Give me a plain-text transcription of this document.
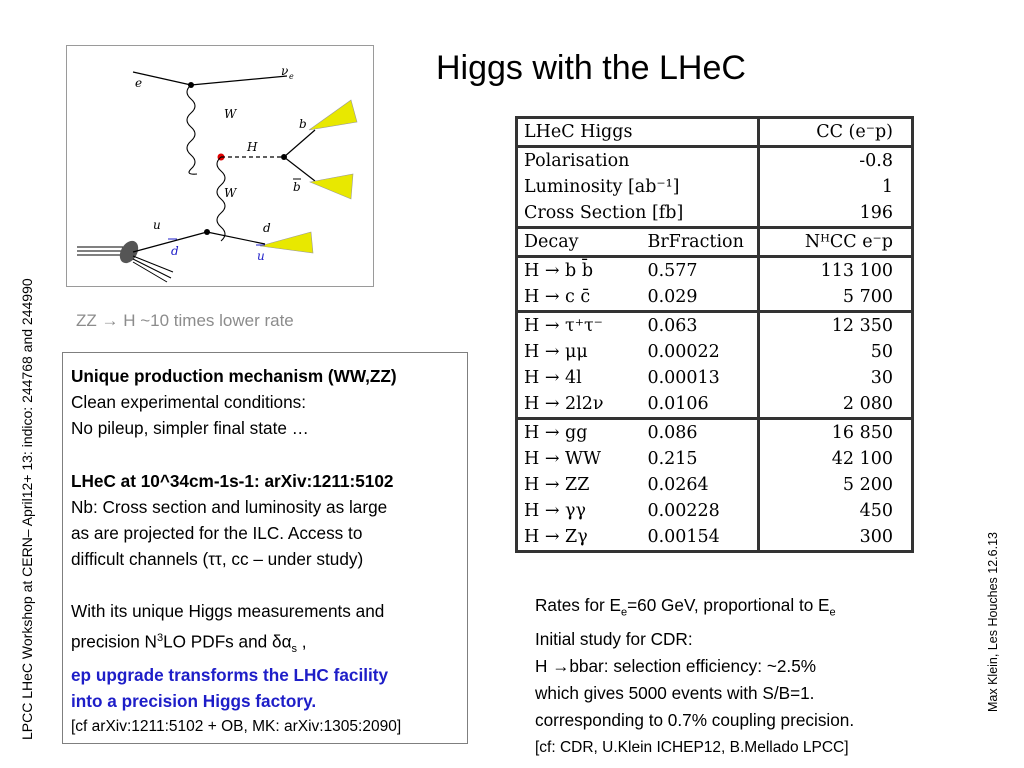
Higgs with the LHeC
LPCC LHeC Workshop at CERN– April12+ 13: indico: 244768 and 244990	Max Klein, Les Houches 12.6.13
e
ν e
W
H
b
b
W
u
d
d
u
ZZ → H ~10 times lower rate

Unique production mechanism (WW,ZZ)

Clean experimental conditions:

No pileup, simpler final state …

LHeC at 10^34cm-1s-1: arXiv:1211:5102

Nb: Cross section and luminosity as large

as are projected for the ILC. Access to

difficult channels (ττ, cc – under study)

With its unique Higgs measurements and

precision $N^3LO$ PDFs and $\delta\alpha_s$ ,

ep upgrade transforms the LHC facility

into a precision Higgs factory.

[cf arXiv:1211:5102 + OB, MK: arXiv:1305:2090]

LHeC Higgs		CC (e⁻p)
Polarisation		-0.8
Luminosity [ab⁻¹]		1
Cross Section [fb]		196
Decay	BrFraction	NᴴCC e⁻p
H → b b̄	0.577	113 100
H → c c̄	0.029	5 700
H → τ⁺τ⁻	0.063	12 350
H → μμ	0.00022	50
H → 4l	0.00013	30
H → 2l2ν	0.0106	2 080
H → gg	0.086	16 850
H → WW	0.215	42 100
H → ZZ	0.0264	5 200
H → γγ	0.00228	450
H → Zγ	0.00154	300

Rates for $E_e=60$ GeV, proportional to $E_e$

Initial study for CDR:

H →bbar: selection efficiency: ~2.5%

which gives 5000 events with S/B=1.

corresponding to 0.7% coupling precision.

[cf: CDR, U.Klein ICHEP12, B.Mellado LPCC]
